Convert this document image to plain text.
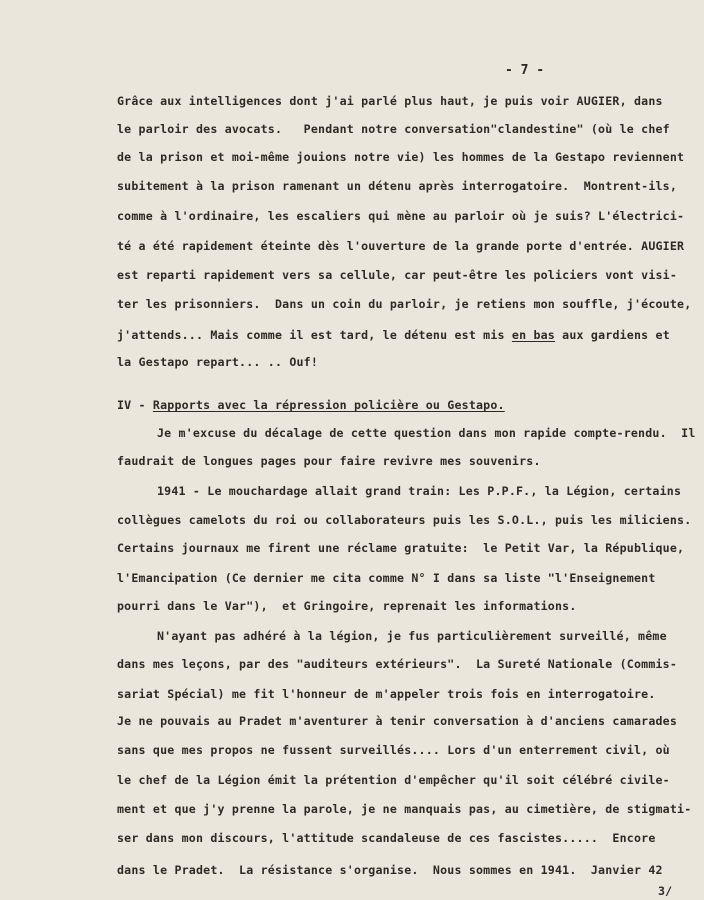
- 7 -
Grâce aux intelligences dont j'ai parlé plus haut, je puis voir AUGIER, dans
le parloir des avocats.   Pendant notre conversation"clandestine" (où le chef
de la prison et moi-même jouions notre vie) les hommes de la Gestapo reviennent
subitement à la prison ramenant un détenu après interrogatoire.  Montrent-ils,
comme à l'ordinaire, les escaliers qui mène au parloir où je suis? L'électrici-
té a été rapidement éteinte dès l'ouverture de la grande porte d'entrée. AUGIER
est reparti rapidement vers sa cellule, car peut-être les policiers vont visi-
ter les prisonniers.  Dans un coin du parloir, je retiens mon souffle, j'écoute,
j'attends... Mais comme il est tard, le détenu est mis en bas aux gardiens et
la Gestapo repart... .. Ouf!
IV - Rapports avec la répression policière ou Gestapo.
Je m'excuse du décalage de cette question dans mon rapide compte-rendu.  Il
faudrait de longues pages pour faire revivre mes souvenirs.
1941 - Le mouchardage allait grand train: Les P.P.F., la Légion, certains
collègues camelots du roi ou collaborateurs puis les S.O.L., puis les miliciens.
Certains journaux me firent une réclame gratuite:  le Petit Var, la République,
l'Emancipation (Ce dernier me cita comme N° I dans sa liste "l'Enseignement
pourri dans le Var"),  et Gringoire, reprenait les informations.
N'ayant pas adhéré à la légion, je fus particulièrement surveillé, même
dans mes leçons, par des "auditeurs extérieurs".  La Sureté Nationale (Commis-
sariat Spécial) me fit l'honneur de m'appeler trois fois en interrogatoire.
Je ne pouvais au Pradet m'aventurer à tenir conversation à d'anciens camarades
sans que mes propos ne fussent surveillés.... Lors d'un enterrement civil, où
le chef de la Légion émit la prétention d'empêcher qu'il soit célébré civile-
ment et que j'y prenne la parole, je ne manquais pas, au cimetière, de stigmati-
ser dans mon discours, l'attitude scandaleuse de ces fascistes.....  Encore
dans le Pradet.  La résistance s'organise.  Nous sommes en 1941.  Janvier 42
3/
